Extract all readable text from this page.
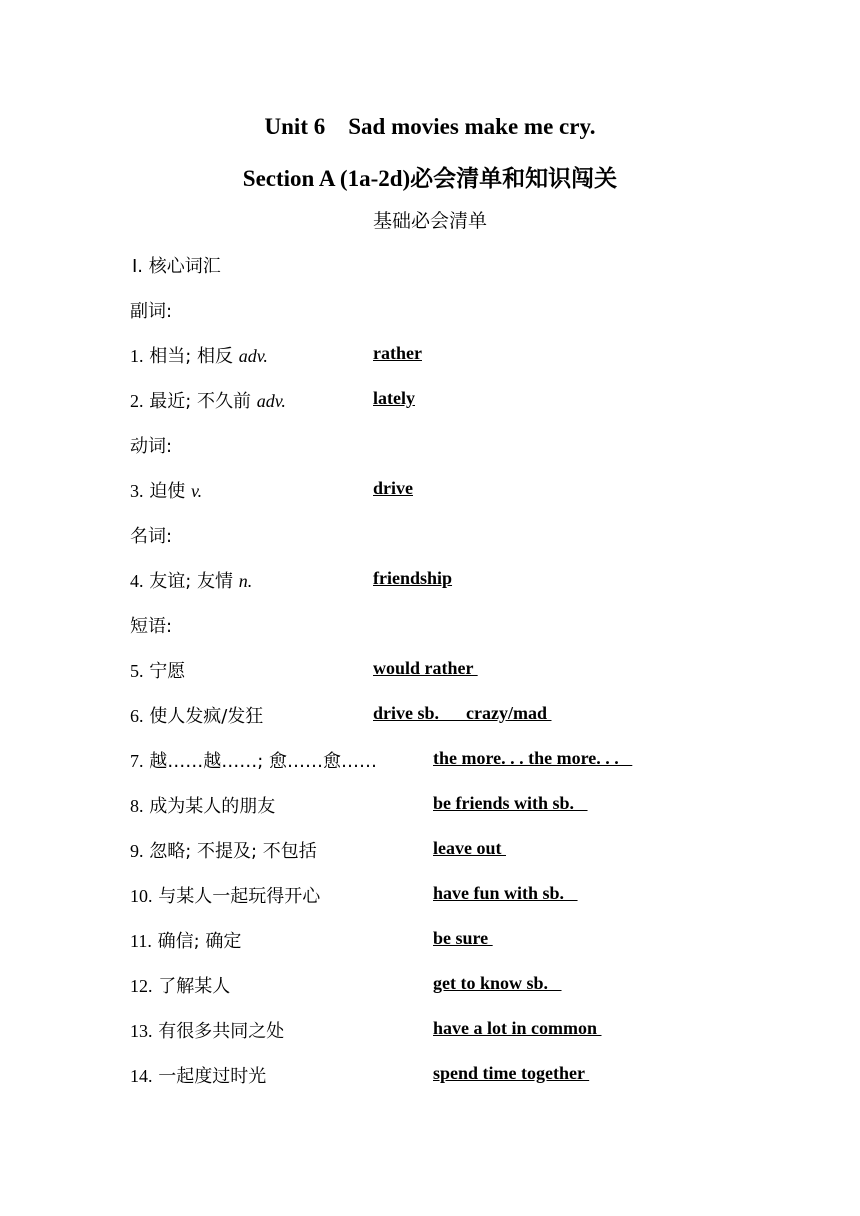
Unit 6    Sad movies make me cry.
Section A (1a-2d)必会清单和知识闯关
基础必会清单
Ⅰ. 核心词汇
副词:
1. 相当; 相反 adv.	rather
2. 最近; 不久前 adv.	lately
动词:
3. 迫使 v.	drive
名词:
4. 友谊; 友情 n.	friendship
短语:
5. 宁愿	would rather
6. 使人发疯/发狂	drive sb.      crazy/mad
7. 越……越……; 愈……愈……	the more. . . the more. . .
8. 成为某人的朋友	be friends with sb.
9. 忽略; 不提及; 不包括	leave out
10. 与某人一起玩得开心	have fun with sb.
11. 确信; 确定	be sure
12. 了解某人	get to know sb.
13. 有很多共同之处	have a lot in common
14. 一起度过时光	spend time together
